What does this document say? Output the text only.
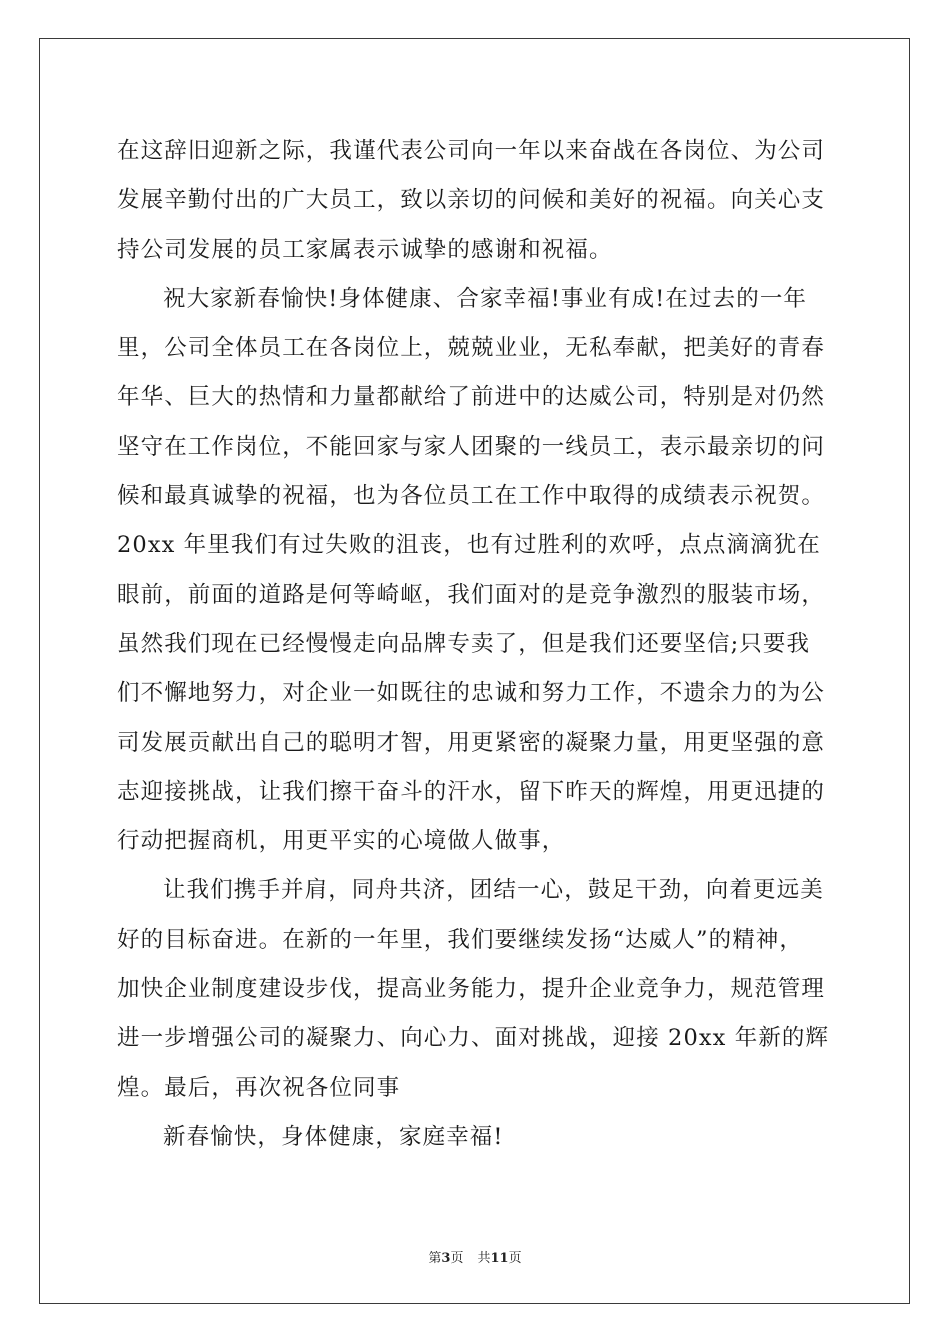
在这辞旧迎新之际，我谨代表公司向一年以来奋战在各岗位、为公司
发展辛勤付出的广大员工，致以亲切的问候和美好的祝福。向关心支
持公司发展的员工家属表示诚挚的感谢和祝福。
祝大家新春愉快!身体健康、合家幸福!事业有成!在过去的一年
里，公司全体员工在各岗位上，兢兢业业，无私奉献，把美好的青春
年华、巨大的热情和力量都献给了前进中的达威公司，特别是对仍然
坚守在工作岗位，不能回家与家人团聚的一线员工，表示最亲切的问
候和最真诚挚的祝福，也为各位员工在工作中取得的成绩表示祝贺。
20xx 年里我们有过失败的沮丧，也有过胜利的欢呼，点点滴滴犹在
眼前，前面的道路是何等崎岖，我们面对的是竞争激烈的服装市场，
虽然我们现在已经慢慢走向品牌专卖了，但是我们还要坚信;只要我
们不懈地努力，对企业一如既往的忠诚和努力工作，不遗余力的为公
司发展贡献出自己的聪明才智，用更紧密的凝聚力量，用更坚强的意
志迎接挑战，让我们擦干奋斗的汗水，留下昨天的辉煌，用更迅捷的
行动把握商机，用更平实的心境做人做事，
让我们携手并肩，同舟共济，团结一心，鼓足干劲，向着更远美
好的目标奋进。在新的一年里，我们要继续发扬“达威人”的精神，
加快企业制度建设步伐，提高业务能力，提升企业竞争力，规范管理
进一步增强公司的凝聚力、向心力、面对挑战，迎接 20xx 年新的辉
煌。最后，再次祝各位同事
新春愉快，身体健康，家庭幸福!
第3页 共11页
